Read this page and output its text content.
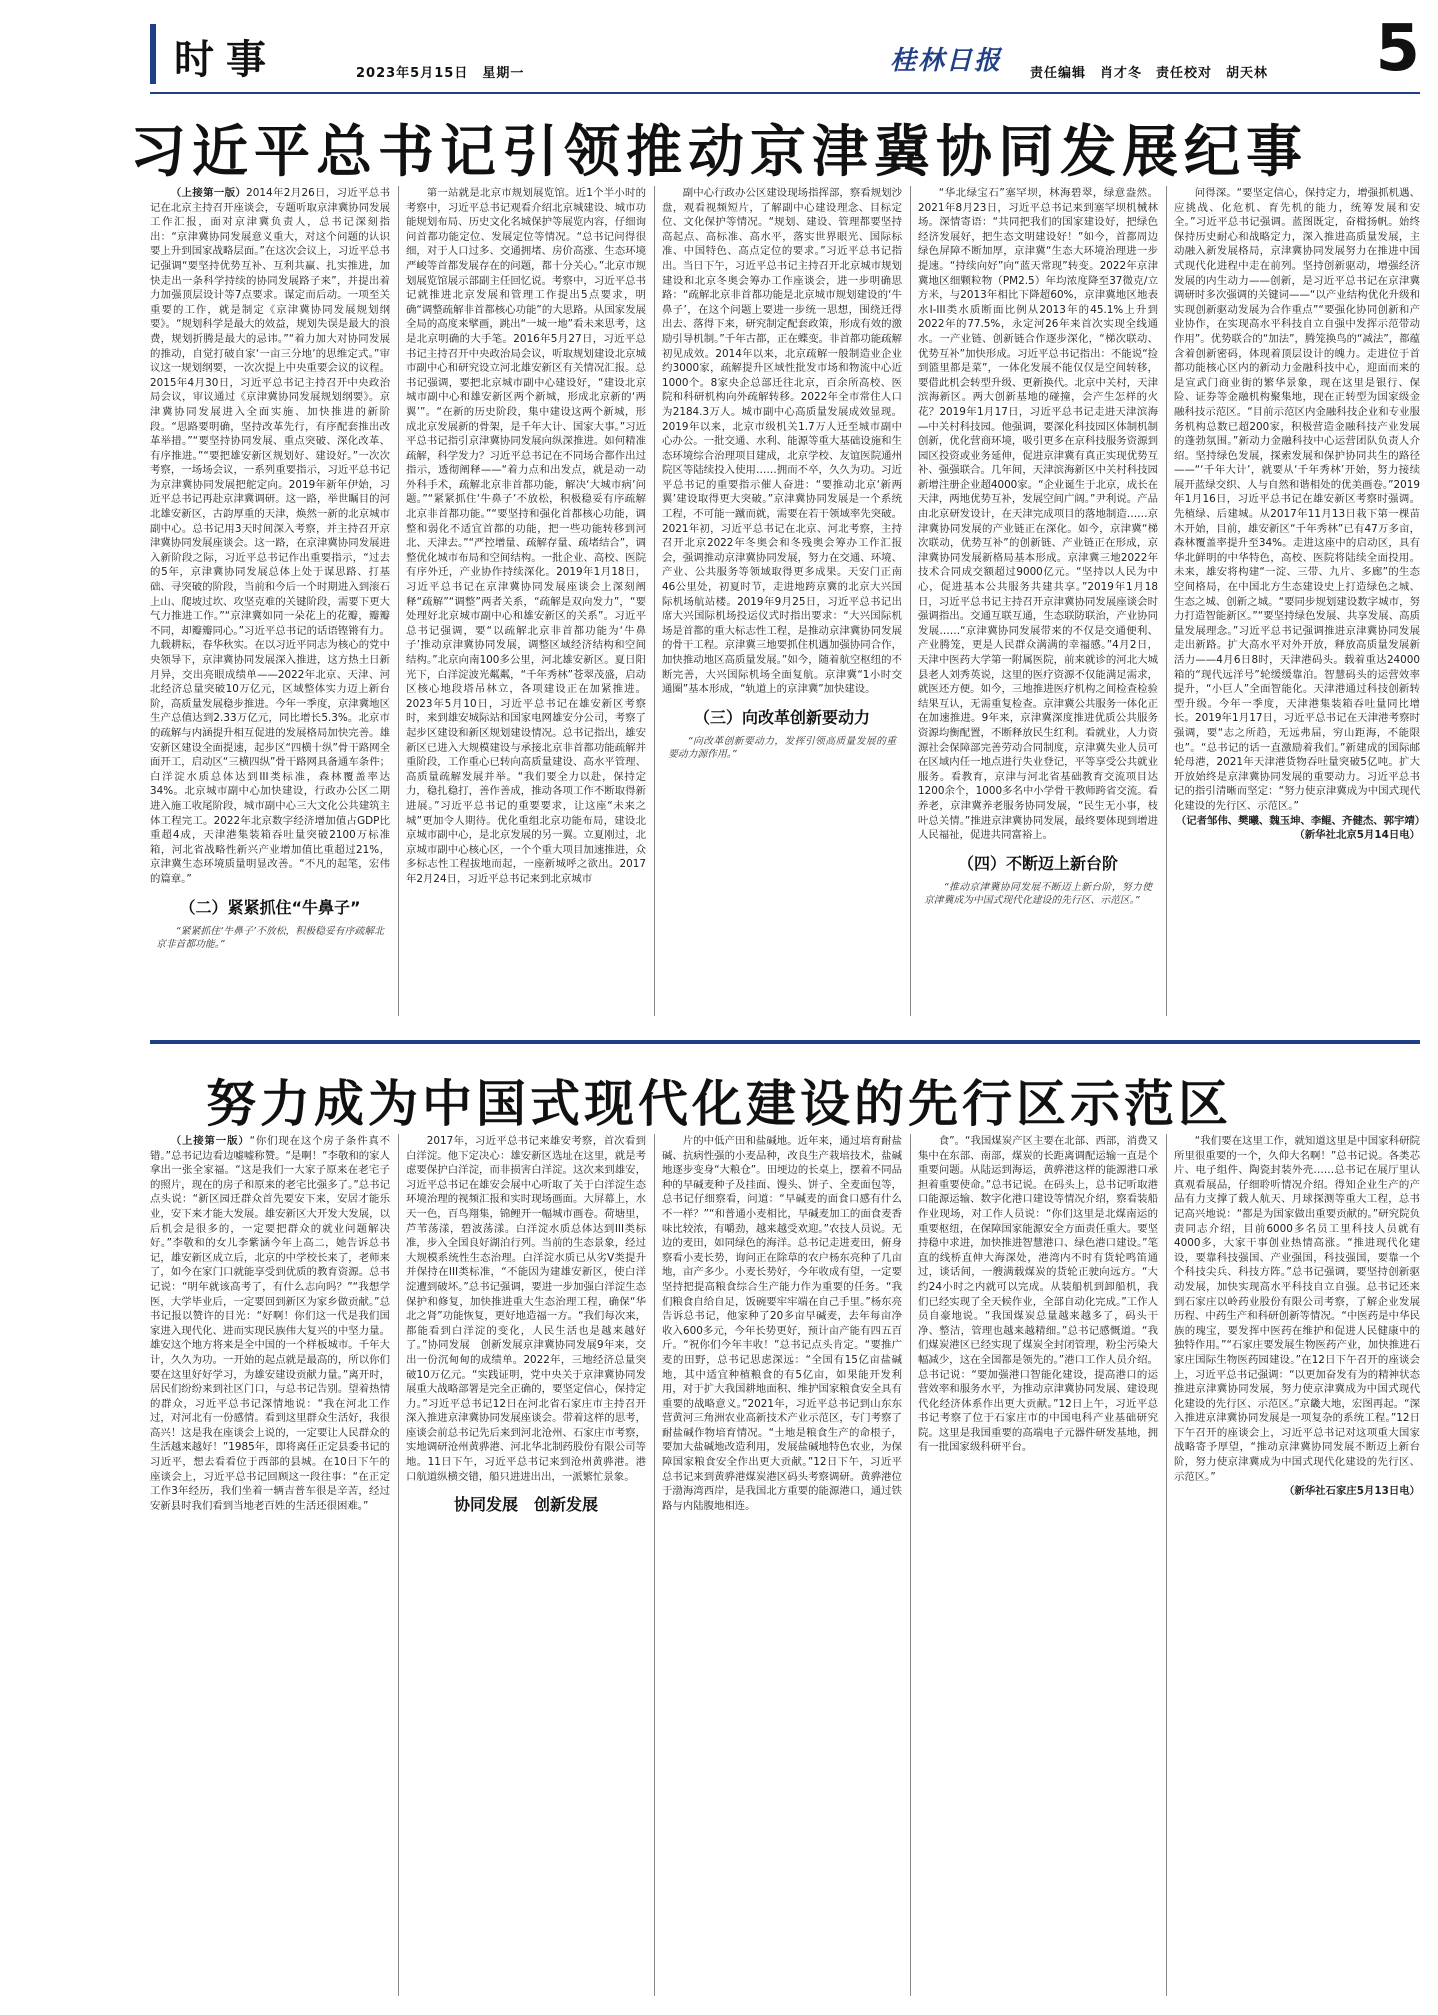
时事	2023年5月15日　星期一	桂林日报 责任编辑 肖才冬 责任校对 胡天林 5
习近平总书记引领推动京津冀协同发展纪事

（上接第一版）2014年2月26日，习近平总书记在北京主持召开座谈会，专题听取京津冀协同发展工作汇报，面对京津冀负责人，总书记深刻指出：“京津冀协同发展意义重大，对这个问题的认识要上升到国家战略层面。”在这次会议上，习近平总书记强调“要坚持优势互补、互利共赢、扎实推进，加快走出一条科学持续的协同发展路子来”，并提出着力加强顶层设计等7点要求。谋定而后动。一项至关重要的工作，就是制定《京津冀协同发展规划纲要》。“规划科学是最大的效益，规划失误是最大的浪费，规划折腾是最大的忌讳。”“着力加大对协同发展的推动，自觉打破自家‘一亩三分地’的思维定式。”审议这一规划纲要，一次次提上中央重要会议的议程。2015年4月30日，习近平总书记主持召开中央政治局会议，审议通过《京津冀协同发展规划纲要》。京津冀协同发展进入全面实施、加快推进的新阶段。“思路要明确，坚持改革先行，有序配套推出改革举措。”“要坚持协同发展、重点突破、深化改革、有序推进。”“要把雄安新区规划好、建设好。”一次次考察，一场场会议，一系列重要指示，习近平总书记为京津冀协同发展把舵定向。2019年新年伊始，习近平总书记再赴京津冀调研。这一路，举世瞩目的河北雄安新区，古韵厚重的天津，焕然一新的北京城市副中心。总书记用3天时间深入考察，并主持召开京津冀协同发展座谈会。这一路，在京津冀协同发展进入新阶段之际，习近平总书记作出重要指示，“过去的5年，京津冀协同发展总体上处于谋思路、打基础、寻突破的阶段，当前和今后一个时期进入到滚石上山、爬坡过坎、攻坚克难的关键阶段，需要下更大气力推进工作。”“京津冀如同一朵花上的花瓣，瓣瓣不同，却瓣瓣同心。”习近平总书记的话语铿锵有力。九载耕耘，春华秋实。在以习近平同志为核心的党中央领导下，京津冀协同发展深入推进，这方热土日新月异，交出亮眼成绩单——2022年北京、天津、河北经济总量突破10万亿元，区域整体实力迈上新台阶，高质量发展稳步推进。今年一季度，京津冀地区生产总值达到2.33万亿元，同比增长5.3%。北京市的疏解与内涵提升相互促进的发展格局加快完善。雄安新区建设全面提速，起步区“四横十纵”骨干路网全面开工，启动区“三横四纵”骨干路网具备通车条件；白洋淀水质总体达到III类标准，森林覆盖率达34%。北京城市副中心加快建设，行政办公区二期进入施工收尾阶段，城市副中心三大文化公共建筑主体工程完工。2022年北京数字经济增加值占GDP比重超4成，天津港集装箱吞吐量突破2100万标准箱，河北省战略性新兴产业增加值比重超过21%，京津冀生态环境质量明显改善。“不凡的起笔，宏伟的篇章。”

（二）紧紧抓住“牛鼻子”

“紧紧抓住‘牛鼻子’不放松，积极稳妥有序疏解北京非首都功能。”

第一站就是北京市规划展览馆。近1个半小时的考察中，习近平总书记观看介绍北京城建设、城市功能规划布局、历史文化名城保护等展览内容，仔细询问首都功能定位、发展定位等情况。“总书记问得很细，对于人口过多、交通拥堵、房价高涨、生态环境严峻等首都发展存在的问题，都十分关心。”北京市规划展览馆展示部副主任回忆说。考察中，习近平总书记就推进北京发展和管理工作提出5点要求，明确“调整疏解非首都核心功能”的大思路。从国家发展全局的高度来擘画，跳出“一城一地”看未来思考，这是北京明确的大手笔。2016年5月27日，习近平总书记主持召开中央政治局会议，听取规划建设北京城市副中心和研究设立河北雄安新区有关情况汇报。总书记强调，要把北京城市副中心建设好，“建设北京城市副中心和雄安新区两个新城，形成北京新的‘两翼’”。“在新的历史阶段，集中建设这两个新城，形成北京发展新的骨架，是千年大计、国家大事。”习近平总书记指引京津冀协同发展向纵深推进。如何精准疏解，科学发力？习近平总书记在不同场合都作出过指示，透彻阐释——“着力点和出发点，就是动一动外科手术，疏解北京非首都功能，解决‘大城市病’问题。”“紧紧抓住‘牛鼻子’不放松，积极稳妥有序疏解北京非首都功能。”“要坚持和强化首都核心功能，调整和弱化不适宜首都的功能，把一些功能转移到河北、天津去。”“严控增量、疏解存量、疏堵结合”，调整优化城市布局和空间结构。一批企业、高校、医院有序外迁，产业协作持续深化。2019年1月18日，习近平总书记在京津冀协同发展座谈会上深刻阐释“疏解”“调整”两者关系，“疏解是双向发力”，“要处理好北京城市副中心和雄安新区的关系”。习近平总书记强调，要“以疏解北京非首都功能为‘牛鼻子’推动京津冀协同发展，调整区域经济结构和空间结构。”北京向南100多公里，河北雄安新区。夏日阳光下，白洋淀波光粼粼，“千年秀林”苍翠茂盛，启动区核心地段塔吊林立，各项建设正在加紧推进。2023年5月10日，习近平总书记在雄安新区考察时，来到雄安城际站和国家电网雄安分公司，考察了起步区建设和新区规划建设情况。总书记指出，雄安新区已进入大规模建设与承接北京非首都功能疏解并重阶段，工作重心已转向高质量建设、高水平管理、高质量疏解发展并举。“我们要全力以赴，保持定力，稳扎稳打，善作善成，推动各项工作不断取得新进展。”习近平总书记的重要要求，让这座“未来之城”更加令人期待。优化重组北京功能布局，建设北京城市副中心，是北京发展的另一翼。立夏刚过，北京城市副中心核心区，一个个重大项目加速推进，众多标志性工程拔地而起，一座新城呼之欲出。2017年2月24日，习近平总书记来到北京城市

副中心行政办公区建设现场指挥部，察看规划沙盘，观看视频短片，了解副中心建设理念、目标定位、文化保护等情况。“规划、建设、管理都要坚持高起点、高标准、高水平，落实世界眼光、国际标准、中国特色、高点定位的要求。”习近平总书记指出。当日下午，习近平总书记主持召开北京城市规划建设和北京冬奥会筹办工作座谈会，进一步明确思路：“疏解北京非首都功能是北京城市规划建设的‘牛鼻子’，在这个问题上要进一步统一思想，围绕迁得出去、落得下来，研究制定配套政策，形成有效的激励引导机制。”千年古都，正在蝶变。非首都功能疏解初见成效。2014年以来，北京疏解一般制造业企业约3000家，疏解提升区域性批发市场和物流中心近1000个。8家央企总部迁往北京，百余所高校、医院和科研机构向外疏解转移。2022年全市常住人口为2184.3万人。城市副中心高质量发展成效显现。2019年以来，北京市级机关1.7万人迁至城市副中心办公。一批交通、水利、能源等重大基础设施和生态环境综合治理项目建成，北京学校、友谊医院通州院区等陆续投入使用……拥而不卒，久久为功。习近平总书记的重要指示催人奋进：“要推动北京‘新两翼’建设取得更大突破。”京津冀协同发展是一个系统工程，不可能一蹴而就，需要在若干领域率先突破。2021年初，习近平总书记在北京、河北考察，主持召开北京2022年冬奥会和冬残奥会筹办工作汇报会，强调推动京津冀协同发展，努力在交通、环境、产业、公共服务等领域取得更多成果。天安门正南46公里处，初夏时节，走进地跨京冀的北京大兴国际机场航站楼。2019年9月25日，习近平总书记出席大兴国际机场投运仪式时指出要求：“大兴国际机场是首都的重大标志性工程，是推动京津冀协同发展的骨干工程。京津冀三地要抓住机遇加强协同合作，加快推动地区高质量发展。”如今，随着航空枢纽的不断完善，大兴国际机场全面复航。京津冀“1小时交通圈”基本形成，“轨道上的京津冀”加快建设。

（三）向改革创新要动力

“向改革创新要动力，发挥引领高质量发展的重要动力源作用。”

“华北绿宝石”塞罕坝，林海碧翠，绿意盎然。2021年8月23日，习近平总书记来到塞罕坝机械林场。深情寄语：“共同把我们的国家建设好，把绿色经济发展好，把生态文明建设好！”如今，首都周边绿色屏障不断加厚，京津冀“生态大环境治理进一步提速。“持续向好”向“蓝天常现”转变。2022年京津冀地区细颗粒物（PM2.5）年均浓度降至37微克/立方米，与2013年相比下降超60%，京津冀地区地表水I-III类水质断面比例从2013年的45.1%上升到2022年的77.5%，永定河26年来首次实现全线通水。一产业链、创新链合作逐步深化，“梯次联动、优势互补”加快形成。习近平总书记指出：不能说“捡到篮里都是菜”，一体化发展不能仅仅是空间转移，要借此机会转型升级、更新换代。北京中关村，天津滨海新区。两大创新基地的碰撞，会产生怎样的火花？2019年1月17日，习近平总书记走进天津滨海—中关村科技园。他强调，要深化科技园区体制机制创新，优化营商环境，吸引更多在京科技服务资源到园区投资或业务延伸，促进京津冀有真正实现优势互补、强强联合。几年间，天津滨海新区中关村科技园新增注册企业超4000家。“企业诞生于北京，成长在天津，两地优势互补，发展空间广阔。”尹利说。产品由北京研发设计，在天津完成项目的落地制造……京津冀协同发展的产业链正在深化。如今，京津冀“梯次联动，优势互补”的创新链、产业链正在形成，京津冀协同发展新格局基本形成。京津冀三地2022年技术合同成交额超过9000亿元。“坚持以人民为中心，促进基本公共服务共建共享。”2019年1月18日，习近平总书记主持召开京津冀协同发展座谈会时强调指出。交通互联互通，生态联防联治，产业协同发展……“京津冀协同发展带来的不仅是交通便利、产业腾笼，更是人民群众满满的幸福感。”4月2日，天津中医药大学第一附属医院，前来就诊的河北大城县老人刘秀英说，这里的医疗资源不仅能满足需求，就医还方便。如今，三地推进医疗机构之间检查检验结果互认，无需重复检查。京津冀公共服务一体化正在加速推进。9年来，京津冀深度推进优质公共服务资源均衡配置，不断释放民生红利。看就业，人力资源社会保障部完善劳动合同制度，京津冀失业人员可在区域内任一地点进行失业登记，平等享受公共就业服务。看教育，京津与河北省基础教育交流项目达1200余个，1000多名中小学骨干教师跨省交流。看养老，京津冀养老服务协同发展，“民生无小事，枝叶总关情。”推进京津冀协同发展，最终要体现到增进人民福祉，促进共同富裕上。

（四）不断迈上新台阶

“推动京津冀协同发展不断迈上新台阶，努力使京津冀成为中国式现代化建设的先行区、示范区。”

问得深。“要坚定信心，保持定力，增强抓机遇、应挑战、化危机、育先机的能力，统筹发展和安全。”习近平总书记强调。蓝图既定，奋楫扬帆。始终保持历史耐心和战略定力，深入推进高质量发展，主动融入新发展格局，京津冀协同发展努力在推进中国式现代化进程中走在前列。坚持创新驱动，增强经济发展的内生动力——创新，是习近平总书记在京津冀调研时多次强调的关键词——“以产业结构优化升级和实现创新驱动发展为合作重点”“要强化协同创新和产业协作，在实现高水平科技自立自强中发挥示范带动作用”。优势联合的“加法”，腾笼换鸟的“减法”，都蕴含着创新密码，体现着顶层设计的魄力。走进位于首都功能核心区内的新动力金融科技中心，迎面而来的是宣武门商业街的繁华景象，现在这里是银行、保险、证券等金融机构聚集地，现在正转型为国家级金融科技示范区。“目前示范区内金融科技企业和专业服务机构总数已超200家，积极营造金融科技产业发展的蓬勃氛围。”新动力金融科技中心运营团队负责人介绍。坚持绿色发展，探索发展和保护协同共生的路径——“‘千年大计’，就要从‘千年秀林’开始，努力接续展开蓝绿交织、人与自然和谐相处的优美画卷。”2019年1月16日，习近平总书记在雄安新区考察时强调。先植绿、后建城。从2017年11月13日栽下第一棵苗木开始，目前，雄安新区“千年秀林”已有47万多亩，森林覆盖率提升至34%。走进这座中的启动区，具有华北鲜明的中华特色，高校、医院将陆续全面投用。未来，雄安将构建“一淀、三带、九片、多廊”的生态空间格局，在中国北方生态建设史上打造绿色之城、生态之城、创新之城。“要同步规划建设数字城市，努力打造智能新区。”“要坚持绿色发展、共享发展、高质量发展理念。”习近平总书记强调推进京津冀协同发展走出新路。扩大高水平对外开放，释放高质量发展新活力——4月6日8时，天津港码头。载着重达24000箱的“现代远洋号”轮缓缓靠泊。智慧码头的运营效率提升，“小巨人”全面智能化。天津港通过科技创新转型升级。今年一季度，天津港集装箱吞吐量同比增长。2019年1月17日，习近平总书记在天津港考察时强调，要“志之所趋，无远弗届，穷山距海，不能限也”。“总书记的话一直激励着我们。”新建成的国际邮轮母港，2021年天津港货物吞吐量突破5亿吨。扩大开放始终是京津冀协同发展的重要动力。习近平总书记的指引清晰而坚定：“努力使京津冀成为中国式现代化建设的先行区、示范区。”

（记者邹伟、樊曦、魏玉坤、李鲲、齐健杰、郭宇靖）（新华社北京5月14日电）

努力成为中国式现代化建设的先行区示范区

（上接第一版）“你们现在这个房子条件真不错。”总书记边看边嘘嘘称赞。“是啊！”李敬和的家人拿出一张全家福。“这是我们一大家子原来在老宅子的照片，现在的房子和原来的老宅比强多了。”总书记点头说：“新区园迁群众首先要安下来，安居才能乐业，安下来才能大发展。雄安新区大开发大发展，以后机会是很多的，一定要把群众的就业问题解决好。”李敬和的女儿李紫涵今年上高二，她告诉总书记，雄安新区成立后，北京的中学校长来了，老师来了，如今在家门口就能享受到优质的教育资源。总书记说：“明年就该高考了，有什么志向吗？”“我想学医，大学毕业后，一定要回到新区为家乡做贡献。”总书记报以赞许的目光：“好啊！你们这一代是我们国家进入现代化、进而实现民族伟大复兴的中坚力量。雄安这个地方将来是全中国的一个样板城市。千年大计，久久为功。一开始的起点就是最高的，所以你们要在这里好好学习，为雄安建设贡献力量。”离开时，居民们纷纷来到社区门口，与总书记告别。望着热情的群众，习近平总书记深情地说：“我在河北工作过，对河北有一份感情。看到这里群众生活好，我很高兴！这是我在座谈会上说的，一定要让人民群众的生活越来越好！”1985年，即将离任正定县委书记的习近平，想去看看位于西部的县城。在10日下午的座谈会上，习近平总书记回顾这一段往事：“在正定工作3年经历，我们坐着一辆吉普车很是辛苦，经过安新县时我们看到当地老百姓的生活还很困难。”

2017年，习近平总书记来雄安考察，首次看到白洋淀。他下定决心：雄安新区选址在这里，就是考虑要保护白洋淀，而非损害白洋淀。这次来到雄安，习近平总书记在雄安会展中心听取了关于白洋淀生态环境治理的视频汇报和实时现场画面。大屏幕上，水天一色，百鸟翔集，锦鲤开一幅城市画卷。荷塘里，芦苇荡漾，碧波荡漾。白洋淀水质总体达到III类标准，步入全国良好湖泊行列。当前的生态景象，经过大规模系统性生态治理。白洋淀水质已从劣V类提升并保持在III类标准，“不能因为建雄安新区，使白洋淀遭到破坏。”总书记强调，要进一步加强白洋淀生态保护和修复，加快推进重大生态治理工程，确保“华北之肾”功能恢复，更好地造福一方。“我们每次来，都能看到白洋淀的变化，人民生活也是越来越好了。”协同发展　创新发展京津冀协同发展9年来，交出一份沉甸甸的成绩单。2022年，三地经济总量突破10万亿元。“实践证明，党中央关于京津冀协同发展重大战略部署是完全正确的，要坚定信心，保持定力。”习近平总书记12日在河北省石家庄市主持召开深入推进京津冀协同发展座谈会。带着这样的思考，座谈会前总书记先后来到河北沧州、石家庄市考察，实地调研沧州黄骅港、河北华北制药股份有限公司等地。11日下午，习近平总书记来到沧州黄骅港。港口航道纵横交错，船只进进出出，一派繁忙景象。

协同发展　创新发展

片的中低产田和盐碱地。近年来，通过培育耐盐碱、抗病性强的小麦品种，改良生产栽培技术，盐碱地逐步变身“大粮仓”。田埂边的长桌上，摆着不同品种的早碱麦种子及挂面、馒头、饼子、全麦面包等，总书记仔细察看，问道：“早碱麦的面食口感有什么不一样？”“和普通小麦相比，早碱麦加工的面食麦香味比较浓，有嚼劲，越来越受欢迎。”农技人员说。无边的麦田，如同绿色的海洋。总书记走进麦田，俯身察看小麦长势，询问正在除草的农户杨东亮种了几亩地，亩产多少。小麦长势好，今年收成有望，一定要坚持把提高粮食综合生产能力作为重要的任务。“我们粮食自给自足，饭碗要牢牢端在自己手里。”杨东亮告诉总书记，他家种了20多亩早碱麦，去年每亩净收入600多元，今年长势更好，预计亩产能有四五百斤。“祝你们今年丰收！”总书记点头肯定。“要推广麦的田野，总书记思虑深远：“全国有15亿亩盐碱地，其中适宜种植粮食的有5亿亩，如果能开发利用，对于扩大我国耕地面积、维护国家粮食安全具有重要的战略意义。”2021年，习近平总书记到山东东营黄河三角洲农业高新技术产业示范区，专门考察了耐盐碱作物培育情况。“土地是粮食生产的命根子，要加大盐碱地改造利用，发展盐碱地特色农业，为保障国家粮食安全作出更大贡献。”12日下午，习近平总书记来到黄骅港煤炭港区码头考察调研。黄骅港位于渤海湾西岸，是我国北方重要的能源港口，通过铁路与内陆腹地相连。

食”。“我国煤炭产区主要在北部、西部，消费又集中在东部、南部，煤炭的长距离调配运输一直是个重要问题。从陆运到海运，黄骅港这样的能源港口承担着重要使命。”总书记说。在码头上，总书记听取港口能源运输、数字化港口建设等情况介绍，察看装船作业现场，对工作人员说：“你们这里是北煤南运的重要枢纽，在保障国家能源安全方面责任重大。要坚持稳中求进，加快推进智慧港口、绿色港口建设。”笔直的线桥直伸大海深处，港湾内不时有货轮鸣笛通过，谈话间，一艘满载煤炭的货轮正驶向远方。“大约24小时之内就可以完成。从装船机到卸船机，我们已经实现了全天候作业，全部自动化完成。”工作人员自豪地说。“我国煤炭总量越来越多了，码头干净、整洁，管理也越来越精细。”总书记感慨道。“我们煤炭港区已经实现了煤炭全封闭管理，粉尘污染大幅减少，这在全国都是领先的。”港口工作人员介绍。总书记说：“要加强港口智能化建设，提高港口的运营效率和服务水平，为推动京津冀协同发展、建设现代化经济体系作出更大贡献。”12日上午，习近平总书记考察了位于石家庄市的中国电科产业基础研究院。这里是我国重要的高端电子元器件研发基地，拥有一批国家级科研平台。

“我们要在这里工作，就知道这里是中国家科研院所里很重要的一个，久仰大名啊！”总书记说。各类芯片、电子组件、陶瓷封装外壳……总书记在展厅里认真观看展品，仔细聆听情况介绍。得知企业生产的产品有力支撑了载人航天、月球探测等重大工程，总书记高兴地说：“都是为国家做出重要贡献的。”研究院负责同志介绍，目前6000多名员工里科技人员就有4000多，大家干事创业热情高涨。“推进现代化建设，要靠科技强国、产业强国，科技强国，要靠一个个科技尖兵、科技方阵。”总书记强调，要坚持创新驱动发展，加快实现高水平科技自立自强。总书记还来到石家庄以岭药业股份有限公司考察，了解企业发展历程、中药生产和科研创新等情况。“中医药是中华民族的瑰宝，要发挥中医药在维护和促进人民健康中的独特作用。”“石家庄要发展生物医药产业，加快推进石家庄国际生物医药园建设。”在12日下午召开的座谈会上，习近平总书记强调：“以更加奋发有为的精神状态推进京津冀协同发展，努力使京津冀成为中国式现代化建设的先行区、示范区。”京畿大地，宏图再起。“深入推进京津冀协同发展是一项复杂的系统工程。”12日下午召开的座谈会上，习近平总书记对这项重大国家战略寄予厚望，“推动京津冀协同发展不断迈上新台阶，努力使京津冀成为中国式现代化建设的先行区、示范区。”

（新华社石家庄5月13日电）
